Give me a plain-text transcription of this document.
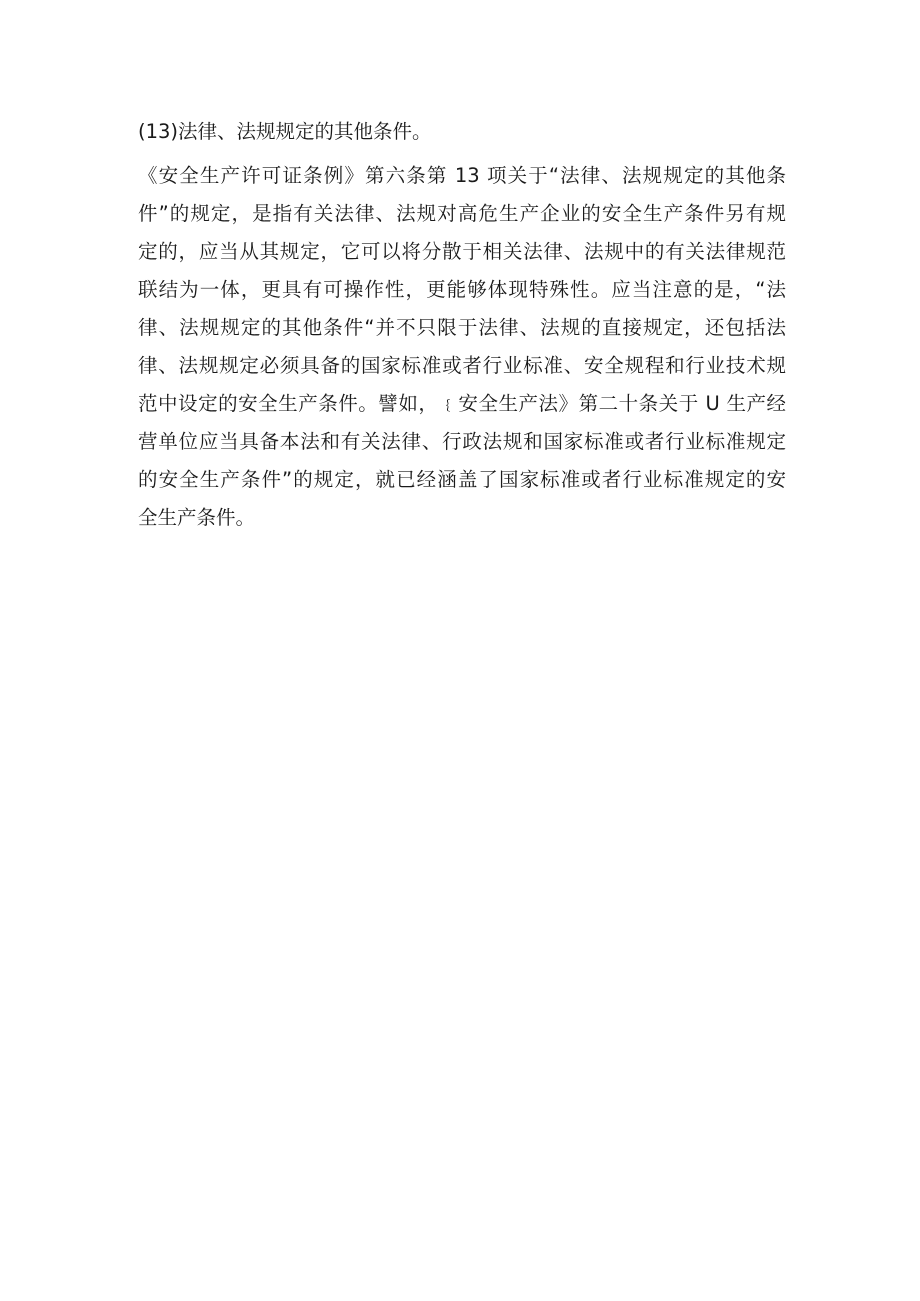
(13)法律、法规规定的其他条件。
《安全生产许可证条例》第六条第 13 项关于“法律、法规规定的其他条
件”的规定，是指有关法律、法规对高危生产企业的安全生产条件另有规
定的，应当从其规定，它可以将分散于相关法律、法规中的有关法律规范
联结为一体，更具有可操作性，更能够体现特殊性。应当注意的是，“法
律、法规规定的其他条件“并不只限于法律、法规的直接规定，还包括法
律、法规规定必须具备的国家标准或者行业标准、安全规程和行业技术规
范中设定的安全生产条件。譬如，﹛安全生产法》第二十条关于 U 生产经
营单位应当具备本法和有关法律、行政法规和国家标准或者行业标准规定
的安全生产条件”的规定，就已经涵盖了国家标准或者行业标准规定的安
全生产条件。
